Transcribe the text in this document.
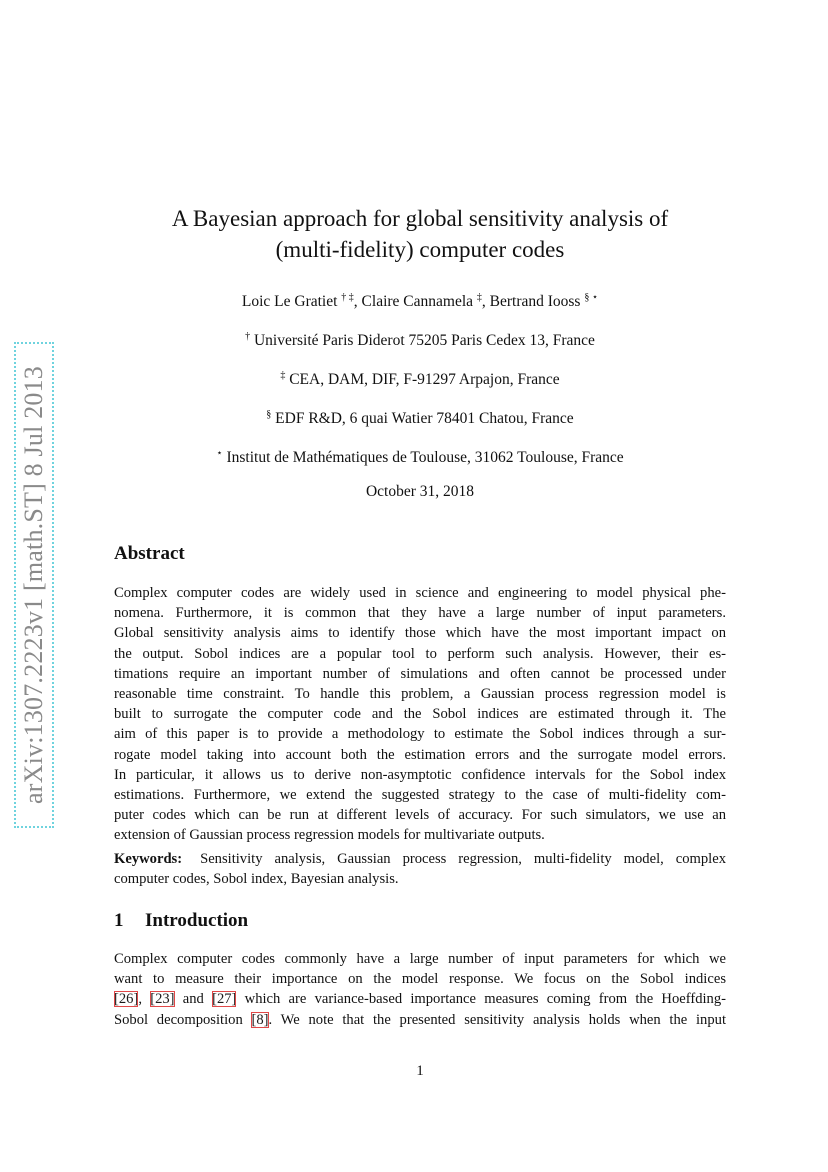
arXiv:1307.2223v1 [math.ST] 8 Jul 2013
A Bayesian approach for global sensitivity analysis of
(multi-fidelity) computer codes
Loic Le Gratiet † ‡, Claire Cannamela ‡, Bertrand Iooss § ⋆
† Université Paris Diderot 75205 Paris Cedex 13, France
‡ CEA, DAM, DIF, F-91297 Arpajon, France
§ EDF R&D, 6 quai Watier 78401 Chatou, France
⋆ Institut de Mathématiques de Toulouse, 31062 Toulouse, France
October 31, 2018
Abstract
Complex computer codes are widely used in science and engineering to model physical phe-
nomena. Furthermore, it is common that they have a large number of input parameters.
Global sensitivity analysis aims to identify those which have the most important impact on
the output. Sobol indices are a popular tool to perform such analysis. However, their es-
timations require an important number of simulations and often cannot be processed under
reasonable time constraint. To handle this problem, a Gaussian process regression model is
built to surrogate the computer code and the Sobol indices are estimated through it. The
aim of this paper is to provide a methodology to estimate the Sobol indices through a sur-
rogate model taking into account both the estimation errors and the surrogate model errors.
In particular, it allows us to derive non-asymptotic confidence intervals for the Sobol index
estimations. Furthermore, we extend the suggested strategy to the case of multi-fidelity com-
puter codes which can be run at different levels of accuracy. For such simulators, we use an
extension of Gaussian process regression models for multivariate outputs.
Keywords: Sensitivity analysis, Gaussian process regression, multi-fidelity model, complex
computer codes, Sobol index, Bayesian analysis.
1 Introduction
Complex computer codes commonly have a large number of input parameters for which we
want to measure their importance on the model response. We focus on the Sobol indices
[26], [23] and [27] which are variance-based importance measures coming from the Hoeffding-
Sobol decomposition [8]. We note that the presented sensitivity analysis holds when the input
1
